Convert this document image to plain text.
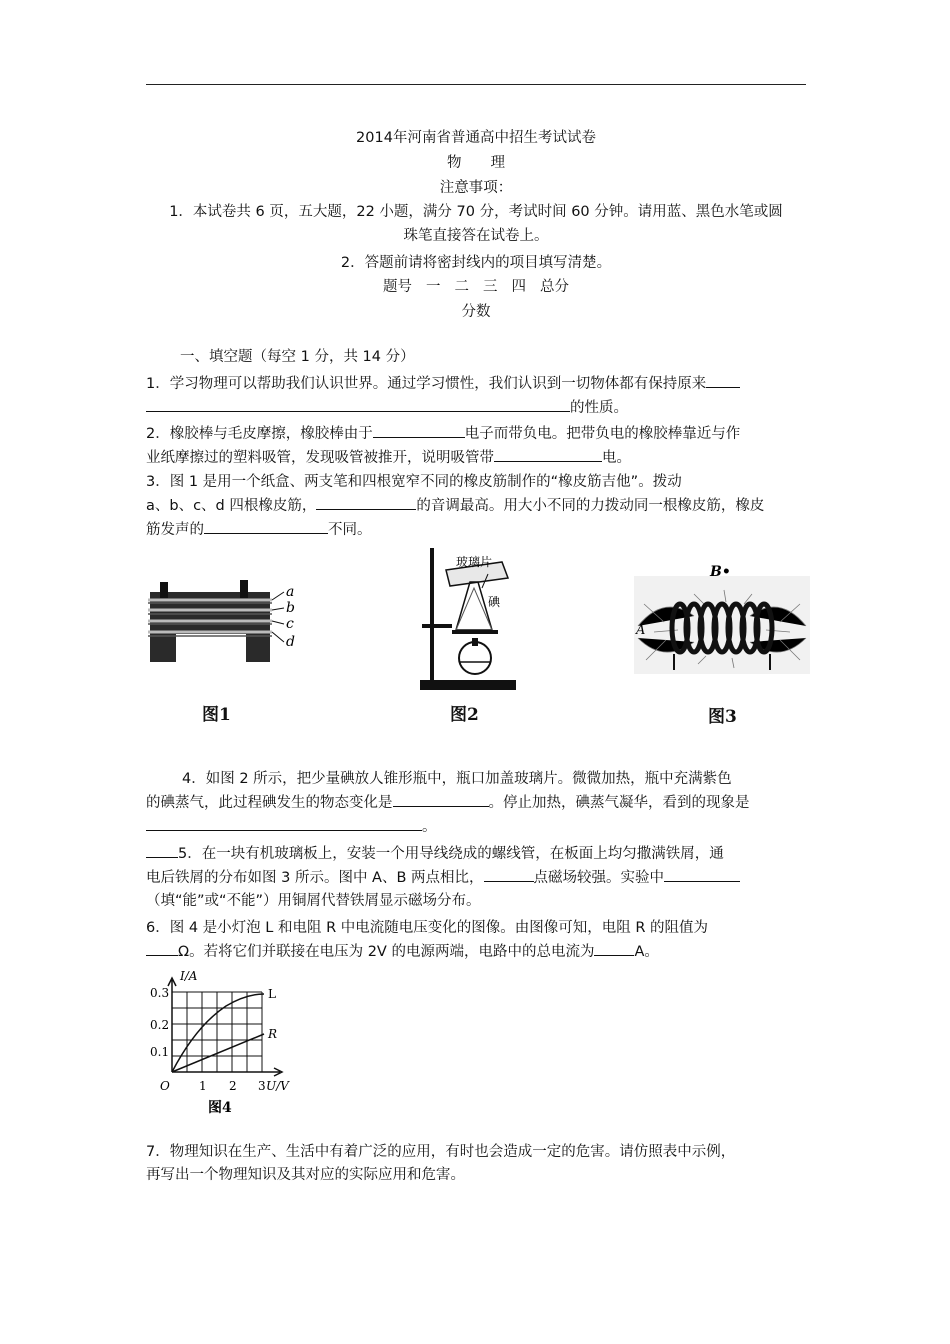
2014年河南省普通高中招生考试试卷
物　　理
注意事项：
1．本试卷共 6 页，五大题，22 小题，满分 70 分，考试时间 60 分钟。请用蓝、黑色水笔或圆
珠笔直接答在试卷上。
2．答题前请将密封线内的项目填写清楚。
题号 一 二 三 四 总分
分数
一、填空题（每空 1 分，共 14 分）
1．学习物理可以帮助我们认识世界。通过学习惯性，我们认识到一切物体都有保持原来
的性质。
2．橡胶棒与毛皮摩擦，橡胶棒由于	电子而带负电。把带负电的橡胶棒靠近与作
业纸摩擦过的塑料吸管，发现吸管被推开，说明吸管带	电。
3．图 1 是用一个纸盒、两支笔和四根宽窄不同的橡皮筋制作的“橡皮筋吉他”。拨动
a、b、c、d 四根橡皮筋，	的音调最高。用大小不同的力拨动同一根橡皮筋，橡皮
筋发声的	不同。
a
b
c
d
图1
玻璃片
碘
图2
B•
A
图3
4．如图 2 所示，把少量碘放人锥形瓶中，瓶口加盖玻璃片。微微加热，瓶中充满紫色
的碘蒸气，此过程碘发生的物态变化是	。停止加热，碘蒸气凝华，看到的现象是
。
5．在一块有机玻璃板上，安装一个用导线绕成的螺线管，在板面上均匀撒满铁屑，通
电后铁屑的分布如图 3 所示。图中 A、B 两点相比，	点磁场较强。实验中
（填“能”或“不能”）用铜屑代替铁屑显示磁场分布。
6．图 4 是小灯泡 L 和电阻 R 中电流随电压变化的图像。由图像可知，电阻 R 的阻值为
Ω。若将它们并联接在电压为 2V 的电源两端，电路中的总电流为	A。
I/A
0.3
0.2
0.1
O 1 2 3 U/V
L
R
图4
7．物理知识在生产、生活中有着广泛的应用，有时也会造成一定的危害。请仿照表中示例，
再写出一个物理知识及其对应的实际应用和危害。
